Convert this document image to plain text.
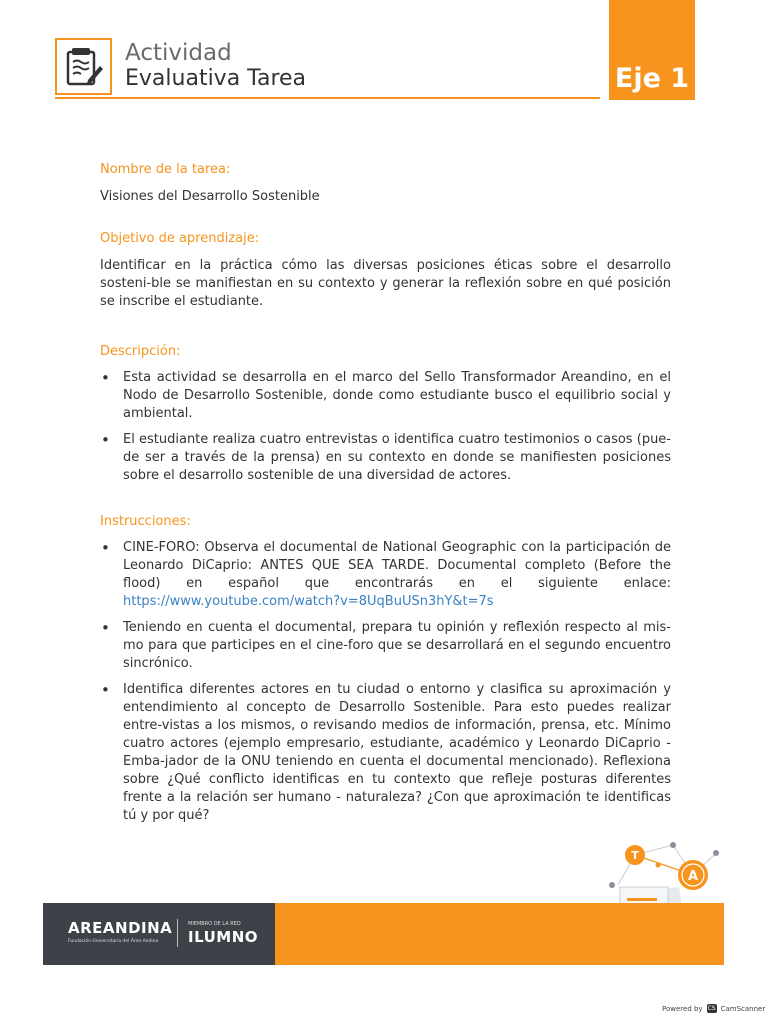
Actividad
Evaluativa Tarea	Eje 1
Nombre de la tarea:
Visiones del Desarrollo Sostenible
Objetivo de aprendizaje:
Identificar en la práctica cómo las diversas posiciones éticas sobre el desarrollo sosteni-ble se manifiestan en su contexto y generar la reflexión sobre en qué posición se inscribe el estudiante.
Descripción:
• Esta actividad se desarrolla en el marco del Sello Transformador Areandino, en el Nodo de Desarrollo Sostenible, donde como estudiante busco el equilibrio social y ambiental.
• El estudiante realiza cuatro entrevistas o identifica cuatro testimonios o casos (pue-de ser a través de la prensa) en su contexto en donde se manifiesten posiciones sobre el desarrollo sostenible de una diversidad de actores.
Instrucciones:
• CINE-FORO: Observa el documental de National Geographic con la participación de Leonardo DiCaprio: ANTES QUE SEA TARDE. Documental completo (Before the flood) en español que encontrarás en el siguiente enlace: https://www.youtube.com/watch?v=8UqBuUSn3hY&t=7s
• Teniendo en cuenta el documental, prepara tu opinión y reflexión respecto al mis-mo para que participes en el cine-foro que se desarrollará en el segundo encuentro sincrónico.
• Identifica diferentes actores en tu ciudad o entorno y clasifica su aproximación y entendimiento al concepto de Desarrollo Sostenible. Para esto puedes realizar entre-vistas a los mismos, o revisando medios de información, prensa, etc. Mínimo cuatro actores (ejemplo empresario, estudiante, académico y Leonardo DiCaprio - Emba-jador de la ONU teniendo en cuenta el documental mencionado). Reflexiona sobre ¿Qué conflicto identificas en tu contexto que refleje posturas diferentes frente a la relación ser humano - naturaleza? ¿Con que aproximación te identificas tú y por qué?
T
A
AREANDINA
Fundación Universitaria del Área Andina
MIEMBRO DE LA RED
ILUMNO
Powered by CS CamScanner
